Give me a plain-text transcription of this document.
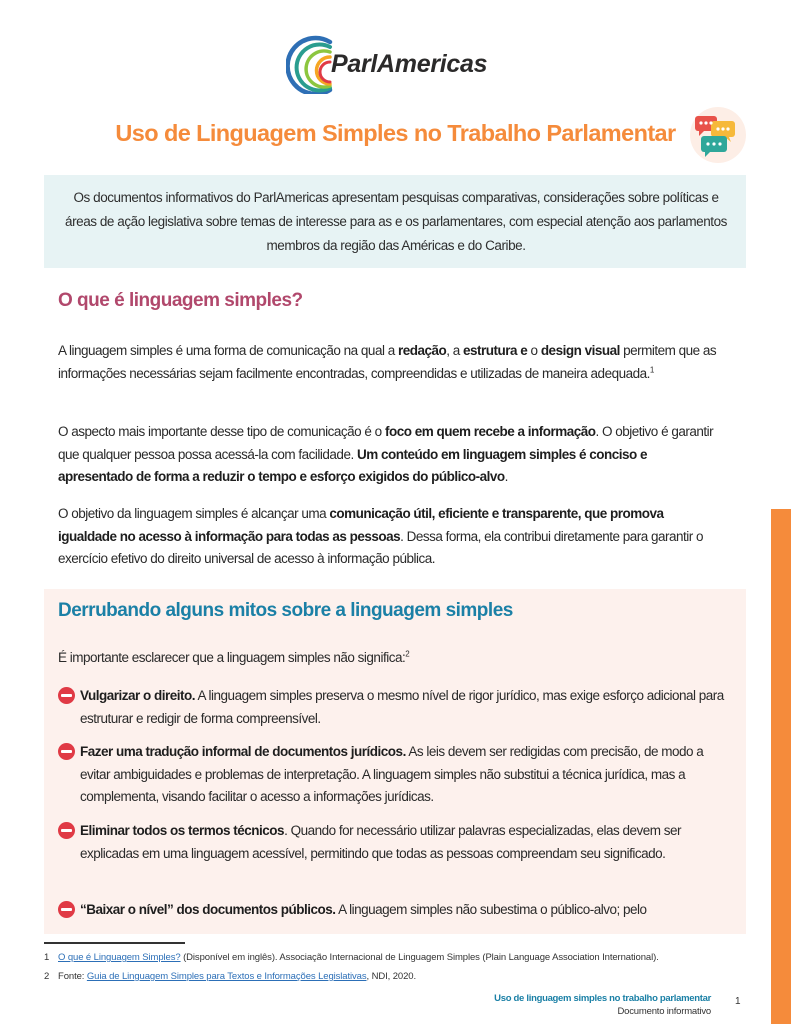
ParlAmericas
Uso de Linguagem Simples no Trabalho Parlamentar
Os documentos informativos do ParlAmericas apresentam pesquisas comparativas, considerações sobre políticas e áreas de ação legislativa sobre temas de interesse para as e os parlamentares, com especial atenção aos parlamentos membros da região das Américas e do Caribe.
O que é linguagem simples?
A linguagem simples é uma forma de comunicação na qual a redação, a estrutura e o design visual permitem que as informações necessárias sejam facilmente encontradas, compreendidas e utilizadas de maneira adequada.$^1$
O aspecto mais importante desse tipo de comunicação é o foco em quem recebe a informação. O objetivo é garantir que qualquer pessoa possa acessá-la com facilidade. Um conteúdo em linguagem simples é conciso e apresentado de forma a reduzir o tempo e esforço exigidos do público-alvo.
O objetivo da linguagem simples é alcançar uma comunicação útil, eficiente e transparente, que promova igualdade no acesso à informação para todas as pessoas. Dessa forma, ela contribui diretamente para garantir o exercício efetivo do direito universal de acesso à informação pública.
Derrubando alguns mitos sobre a linguagem simples
É importante esclarecer que a linguagem simples não significa:$^2$
Vulgarizar o direito. A linguagem simples preserva o mesmo nível de rigor jurídico, mas exige esforço adicional para estruturar e redigir de forma compreensível.
Fazer uma tradução informal de documentos jurídicos. As leis devem ser redigidas com precisão, de modo a evitar ambiguidades e problemas de interpretação. A linguagem simples não substitui a técnica jurídica, mas a complementa, visando facilitar o acesso a informações jurídicas.
Eliminar todos os termos técnicos. Quando for necessário utilizar palavras especializadas, elas devem ser explicadas em uma linguagem acessível, permitindo que todas as pessoas compreendam seu significado.
“Baixar o nível” dos documentos públicos. A linguagem simples não subestima o público-alvo; pelo
1 O que é Linguagem Simples? (Disponível em inglês). Associação Internacional de Linguagem Simples (Plain Language Association International).
2 Fonte: Guia de Linguagem Simples para Textos e Informações Legislativas, NDI, 2020.
Uso de linguagem simples no trabalho parlamentar
Documento informativo
1
